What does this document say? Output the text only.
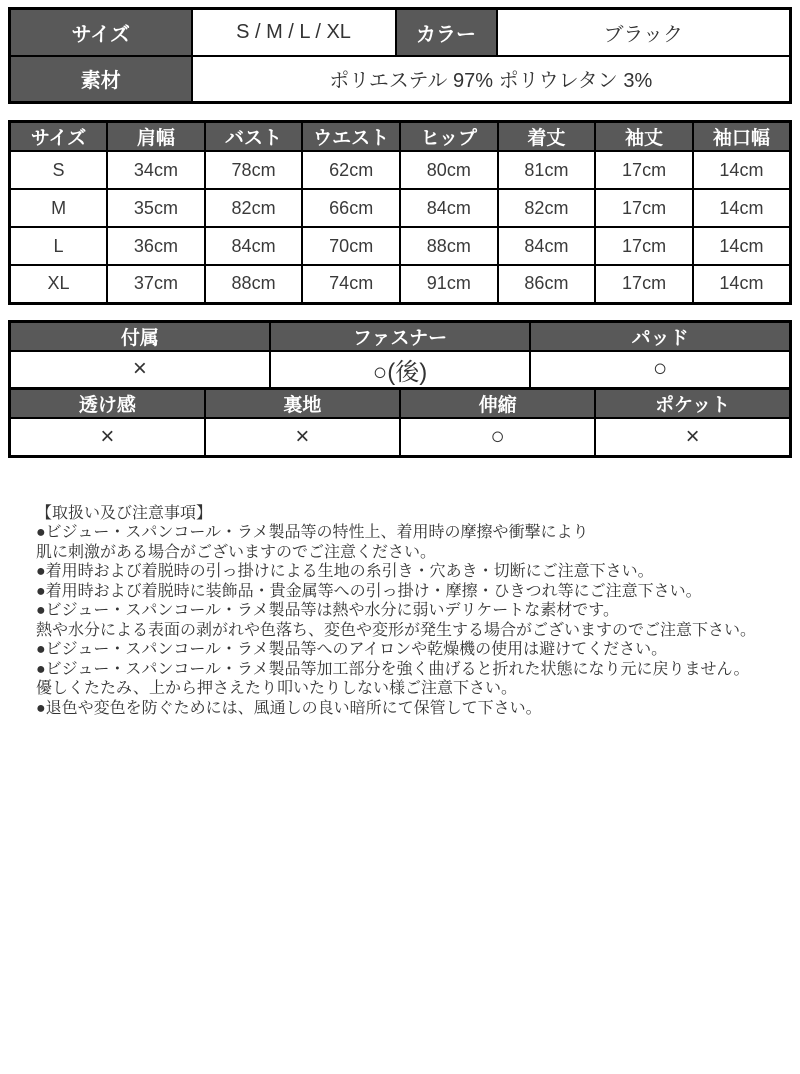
サイズ	S / M / L / XL	カラー	ブラック
素材	ポリエステル 97% ポリウレタン 3%		
サイズ	肩幅	バスト	ウエスト	ヒップ	着丈	袖丈	袖口幅
S	34cm	78cm	62cm	80cm	81cm	17cm	14cm
M	35cm	82cm	66cm	84cm	82cm	17cm	14cm
L	36cm	84cm	70cm	88cm	84cm	17cm	14cm
XL	37cm	88cm	74cm	91cm	86cm	17cm	14cm
付属	ファスナー	パッド
×	○(後)	○
透け感	裏地	伸縮	ポケット
×	×	○	×
【取扱い及び注意事項】
●ビジュー・スパンコール・ラメ製品等の特性上、着用時の摩擦や衝撃により
肌に刺激がある場合がございますのでご注意ください。
●着用時および着脱時の引っ掛けによる生地の糸引き・穴あき・切断にご注意下さい。
●着用時および着脱時に装飾品・貴金属等への引っ掛け・摩擦・ひきつれ等にご注意下さい。
●ビジュー・スパンコール・ラメ製品等は熱や水分に弱いデリケートな素材です。
熱や水分による表面の剥がれや色落ち、変色や変形が発生する場合がございますのでご注意下さい。
●ビジュー・スパンコール・ラメ製品等へのアイロンや乾燥機の使用は避けてください。
●ビジュー・スパンコール・ラメ製品等加工部分を強く曲げると折れた状態になり元に戻りません。
優しくたたみ、上から押さえたり叩いたりしない様ご注意下さい。
●退色や変色を防ぐためには、風通しの良い暗所にて保管して下さい。
